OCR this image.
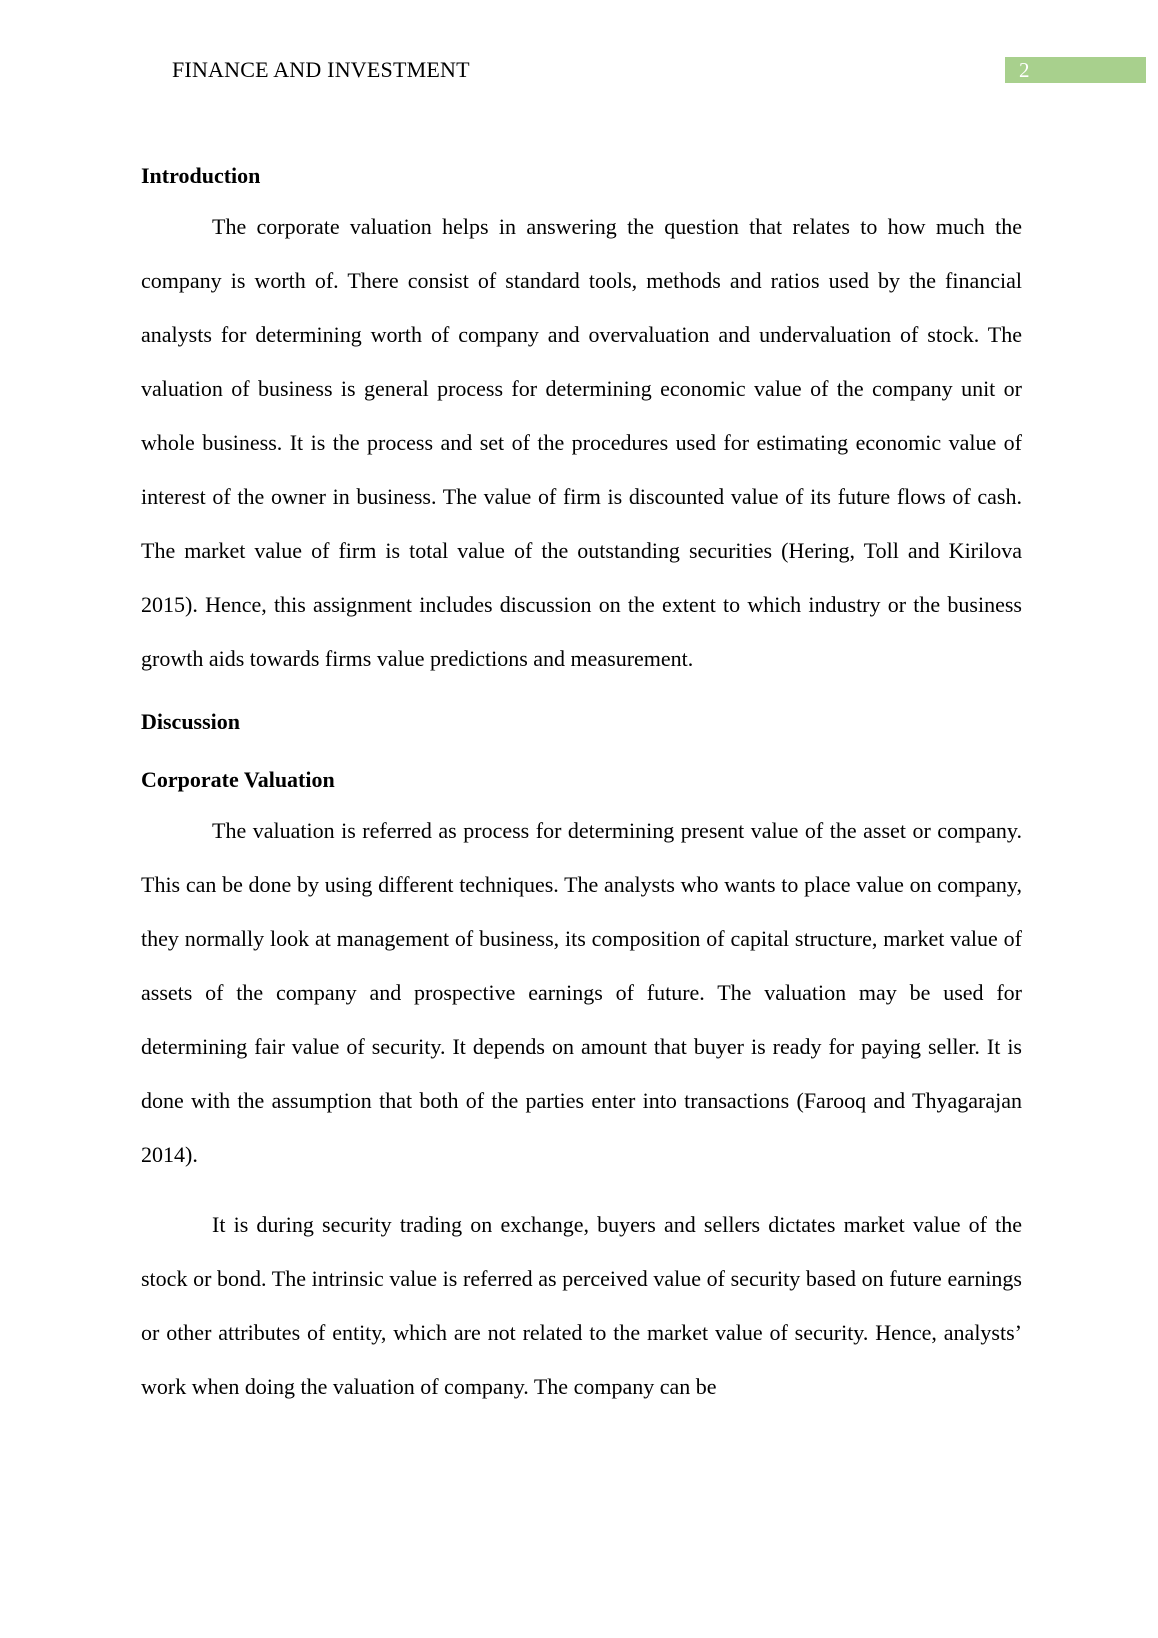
FINANCE AND INVESTMENT	2

Introduction

The corporate valuation helps in answering the question that relates to how much the company is worth of. There consist of standard tools, methods and ratios used by the financial analysts for determining worth of company and overvaluation and undervaluation of stock. The valuation of business is general process for determining economic value of the company unit or whole business. It is the process and set of the procedures used for estimating economic value of interest of the owner in business. The value of firm is discounted value of its future flows of cash. The market value of firm is total value of the outstanding securities (Hering, Toll and Kirilova 2015). Hence, this assignment includes discussion on the extent to which industry or the business growth aids towards firms value predictions and measurement.

Discussion

Corporate Valuation

The valuation is referred as process for determining present value of the asset or company. This can be done by using different techniques. The analysts who wants to place value on company, they normally look at management of business, its composition of capital structure, market value of assets of the company and prospective earnings of future. The valuation may be used for determining fair value of security. It depends on amount that buyer is ready for paying seller. It is done with the assumption that both of the parties enter into transactions (Farooq and Thyagarajan 2014).

It is during security trading on exchange, buyers and sellers dictates market value of the stock or bond. The intrinsic value is referred as perceived value of security based on future earnings or other attributes of entity, which are not related to the market value of security. Hence, analysts’ work when doing the valuation of company. The company can be
